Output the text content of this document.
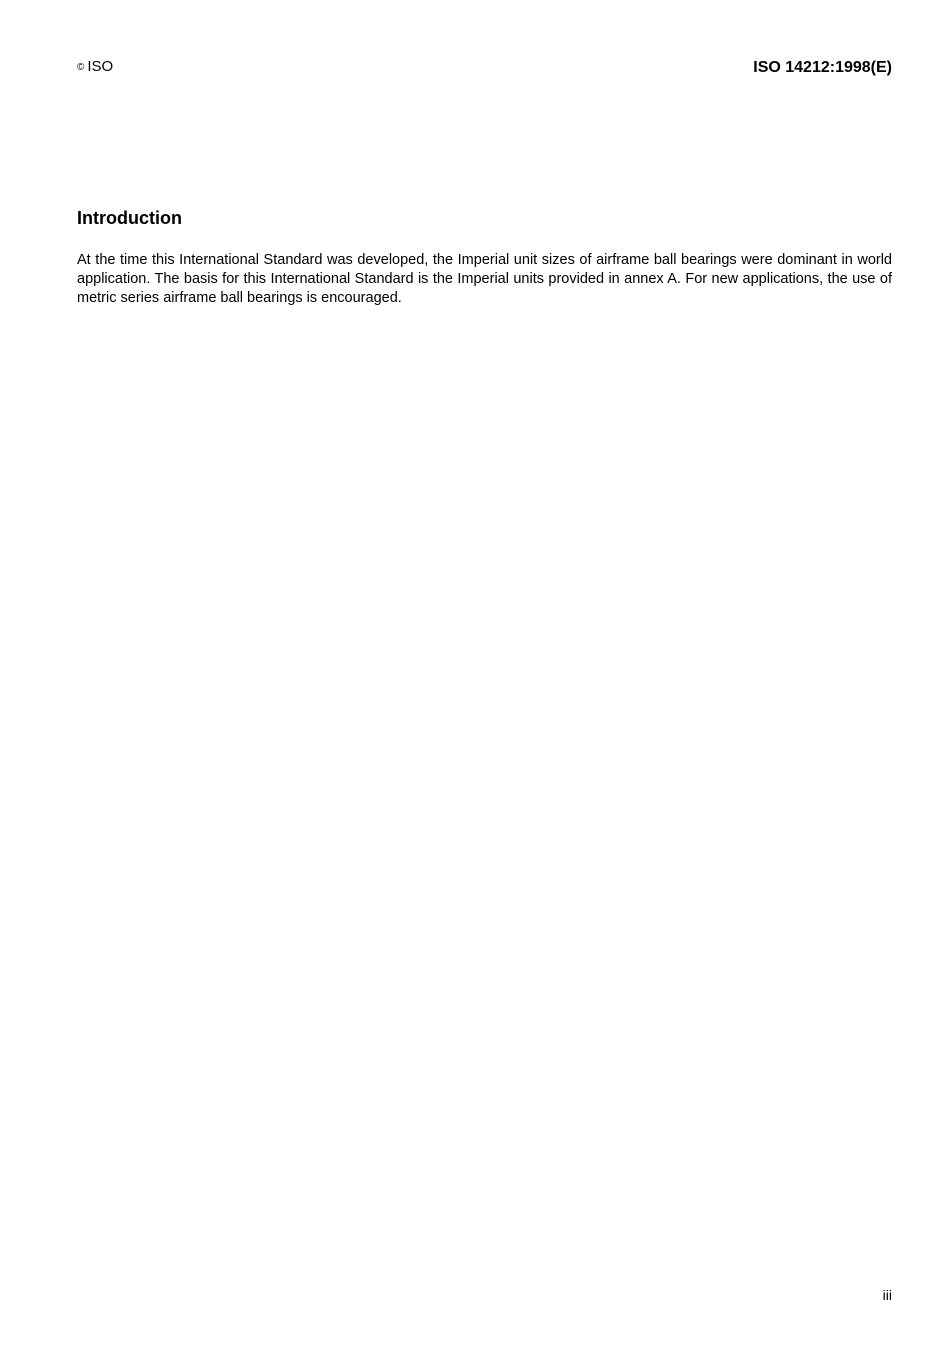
© ISO	ISO 14212:1998(E)
Introduction

At the time this International Standard was developed, the Imperial unit sizes of airframe ball bearings were dominant in world application. The basis for this International Standard is the Imperial units provided in annex A. For new applications, the use of metric series airframe ball bearings is encouraged.

iii
